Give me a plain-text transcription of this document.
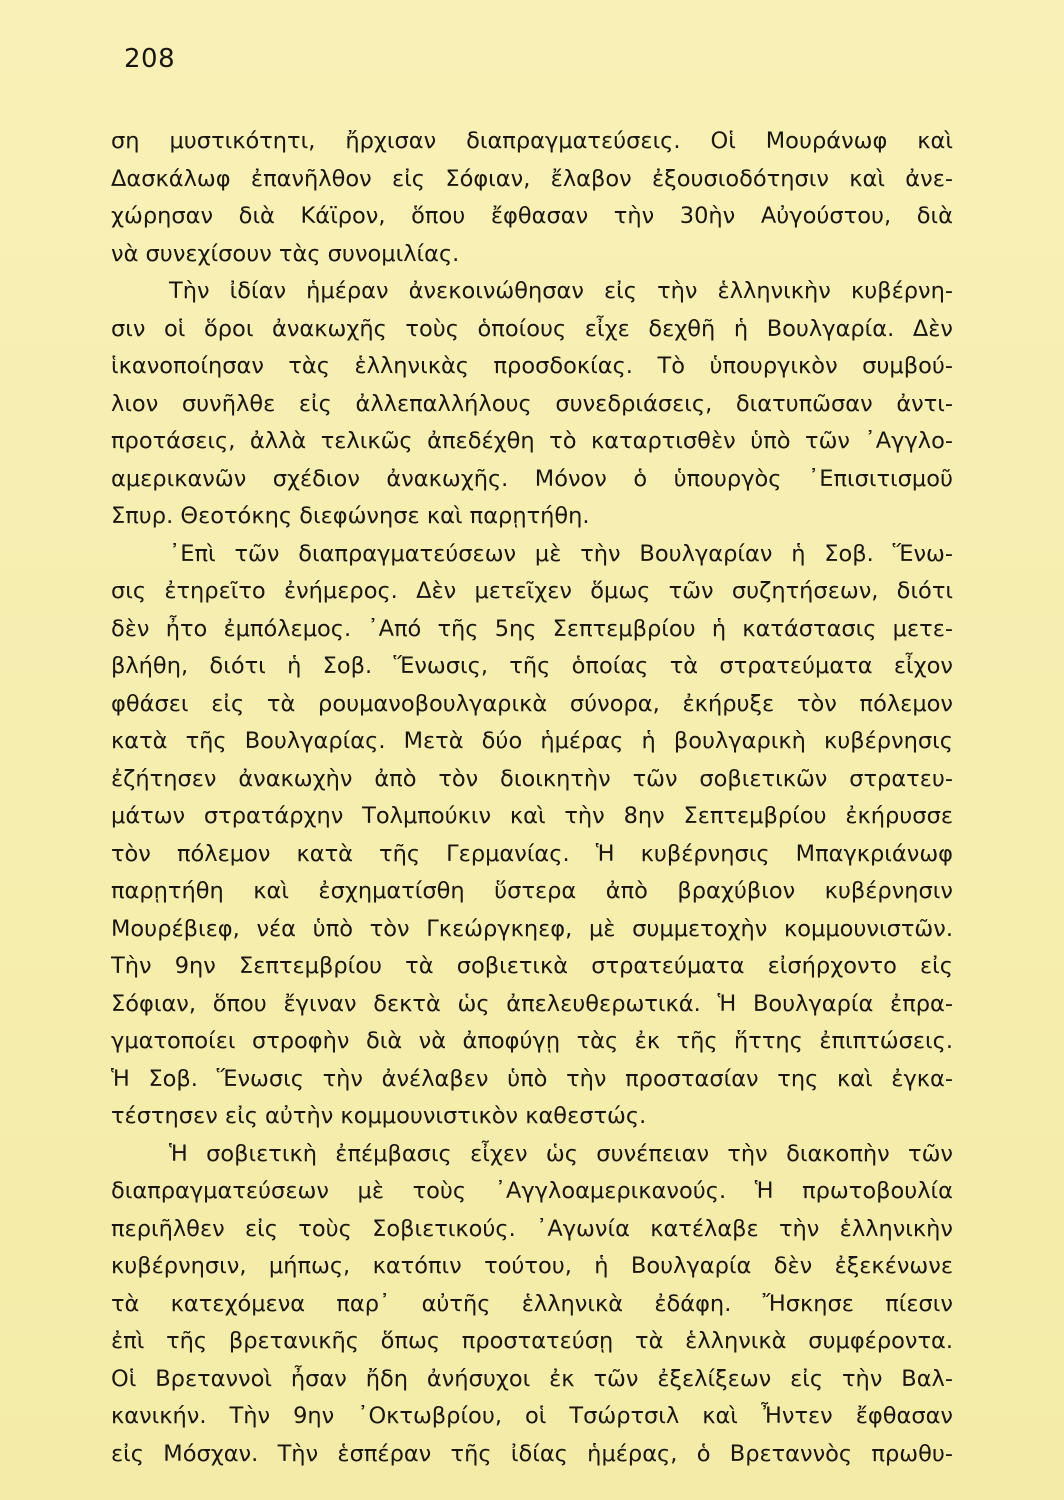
208
ση μυστικότητι, ἤρχισαν διαπραγματεύσεις. Οἱ Μουράνωφ καὶ
Δασκάλωφ ἐπανῆλθον εἰς Σόφιαν, ἔλαβον ἐξουσιοδότησιν καὶ ἀνε-
χώρησαν διὰ Κάϊρον, ὅπου ἔφθασαν τὴν 30ὴν Αὐγούστου, διὰ
νὰ συνεχίσουν τὰς συνομιλίας.
Τὴν ἰδίαν ἡμέραν ἀνεκοινώθησαν εἰς τὴν ἑλληνικὴν κυβέρνη-
σιν οἱ ὅροι ἀνακωχῆς τοὺς ὁποίους εἶχε δεχθῆ ἡ Βουλγαρία. Δὲν
ἱκανοποίησαν τὰς ἑλληνικὰς προσδοκίας. Τὸ ὑπουργικὸν συμβού-
λιον συνῆλθε εἰς ἀλλεπαλλήλους συνεδριάσεις, διατυπῶσαν ἀντι-
προτάσεις, ἀλλὰ τελικῶς ἀπεδέχθη τὸ καταρτισθὲν ὑπὸ τῶν ᾿Αγγλο-
αμερικανῶν σχέδιον ἀνακωχῆς. Μόνον ὁ ὑπουργὸς ᾿Επισιτισμοῦ
Σπυρ. Θεοτόκης διεφώνησε καὶ παρῃτήθη.
᾿Επὶ τῶν διαπραγματεύσεων μὲ τὴν Βουλγαρίαν ἡ Σοβ. Ἕνω-
σις ἐτηρεῖτο ἐνήμερος. Δὲν μετεῖχεν ὅμως τῶν συζητήσεων, διότι
δὲν ἦτο ἐμπόλεμος. ᾿Από τῆς 5ης Σεπτεμβρίου ἡ κατάστασις μετε-
βλήθη, διότι ἡ Σοβ. Ἕνωσις, τῆς ὁποίας τὰ στρατεύματα εἶχον
φθάσει εἰς τὰ ρουμανοβουλγαρικὰ σύνορα, ἐκήρυξε τὸν πόλεμον
κατὰ τῆς Βουλγαρίας. Μετὰ δύο ἡμέρας ἡ βουλγαρικὴ κυβέρνησις
ἐζήτησεν ἀνακωχὴν ἀπὸ τὸν διοικητὴν τῶν σοβιετικῶν στρατευ-
μάτων στρατάρχην Τολμπούκιν καὶ τὴν 8ην Σεπτεμβρίου ἐκήρυσσε
τὸν πόλεμον κατὰ τῆς Γερμανίας. Ἡ κυβέρνησις Μπαγκριάνωφ
παρῃτήθη καὶ ἐσχηματίσθη ὕστερα ἀπὸ βραχύβιον κυβέρνησιν
Μουρέβιεφ, νέα ὑπὸ τὸν Γκεώργκηεφ, μὲ συμμετοχὴν κομμουνιστῶν.
Τὴν 9ην Σεπτεμβρίου τὰ σοβιετικὰ στρατεύματα εἰσήρχοντο εἰς
Σόφιαν, ὅπου ἔγιναν δεκτὰ ὡς ἀπελευθερωτικά. Ἡ Βουλγαρία ἐπρα-
γματοποίει στροφὴν διὰ νὰ ἀποφύγῃ τὰς ἐκ τῆς ἥττης ἐπιπτώσεις.
Ἡ Σοβ. Ἕνωσις τὴν ἀνέλαβεν ὑπὸ τὴν προστασίαν της καὶ ἐγκα-
τέστησεν εἰς αὐτὴν κομμουνιστικὸν καθεστώς.
Ἡ σοβιετικὴ ἐπέμβασις εἶχεν ὡς συνέπειαν τὴν διακοπὴν τῶν
διαπραγματεύσεων μὲ τοὺς ᾿Αγγλοαμερικανούς. Ἡ πρωτοβουλία
περιῆλθεν εἰς τοὺς Σοβιετικούς. ᾿Αγωνία κατέλαβε τὴν ἑλληνικὴν
κυβέρνησιν, μήπως, κατόπιν τούτου, ἡ Βουλγαρία δὲν ἐξεκένωνε
τὰ κατεχόμενα παρ᾿ αὐτῆς ἑλληνικὰ ἐδάφη. Ἤσκησε πίεσιν
ἐπὶ τῆς βρετανικῆς ὅπως προστατεύσῃ τὰ ἑλληνικὰ συμφέροντα.
Οἱ Βρεταννοὶ ἦσαν ἤδη ἀνήσυχοι ἐκ τῶν ἐξελίξεων εἰς τὴν Βαλ-
κανικήν. Τὴν 9ην ᾿Οκτωβρίου, οἱ Τσώρτσιλ καὶ Ἦντεν ἔφθασαν
εἰς Μόσχαν. Τὴν ἑσπέραν τῆς ἰδίας ἡμέρας, ὁ Βρεταννὸς πρωθυ-
